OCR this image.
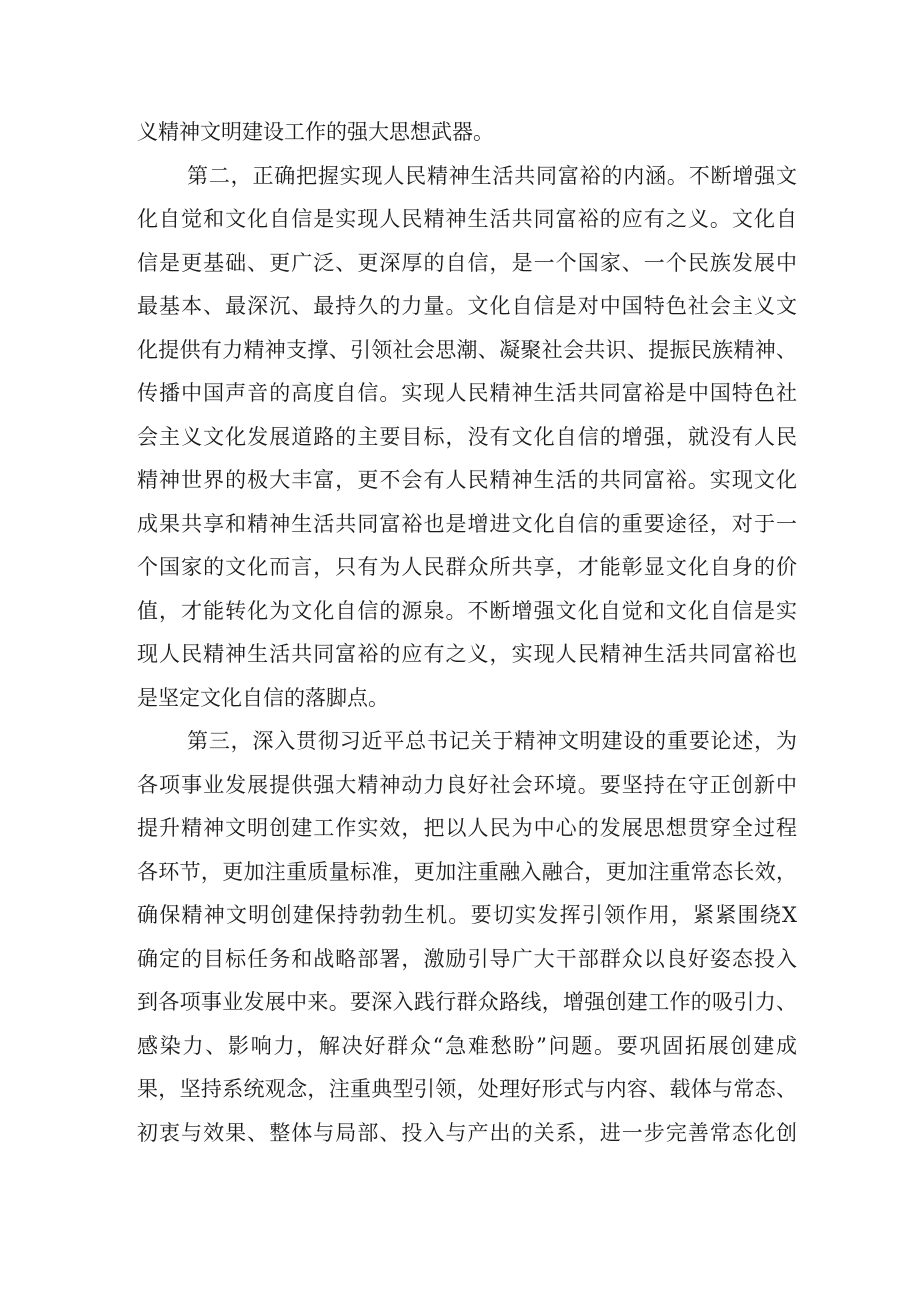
义精神文明建设工作的强大思想武器。
第二，正确把握实现人民精神生活共同富裕的内涵。不断增强文
化自觉和文化自信是实现人民精神生活共同富裕的应有之义。文化自
信是更基础、更广泛、更深厚的自信，是一个国家、一个民族发展中
最基本、最深沉、最持久的力量。文化自信是对中国特色社会主义文
化提供有力精神支撑、引领社会思潮、凝聚社会共识、提振民族精神、
传播中国声音的高度自信。实现人民精神生活共同富裕是中国特色社
会主义文化发展道路的主要目标，没有文化自信的增强，就没有人民
精神世界的极大丰富，更不会有人民精神生活的共同富裕。实现文化
成果共享和精神生活共同富裕也是增进文化自信的重要途径，对于一
个国家的文化而言，只有为人民群众所共享，才能彰显文化自身的价
值，才能转化为文化自信的源泉。不断增强文化自觉和文化自信是实
现人民精神生活共同富裕的应有之义，实现人民精神生活共同富裕也
是坚定文化自信的落脚点。
第三，深入贯彻习近平总书记关于精神文明建设的重要论述，为
各项事业发展提供强大精神动力良好社会环境。要坚持在守正创新中
提升精神文明创建工作实效，把以人民为中心的发展思想贯穿全过程
各环节，更加注重质量标准，更加注重融入融合，更加注重常态长效，
确保精神文明创建保持勃勃生机。要切实发挥引领作用，紧紧围绕X
确定的目标任务和战略部署，激励引导广大干部群众以良好姿态投入
到各项事业发展中来。要深入践行群众路线，增强创建工作的吸引力、
感染力、影响力，解决好群众“急难愁盼”问题。要巩固拓展创建成
果，坚持系统观念，注重典型引领，处理好形式与内容、载体与常态、
初衷与效果、整体与局部、投入与产出的关系，进一步完善常态化创
